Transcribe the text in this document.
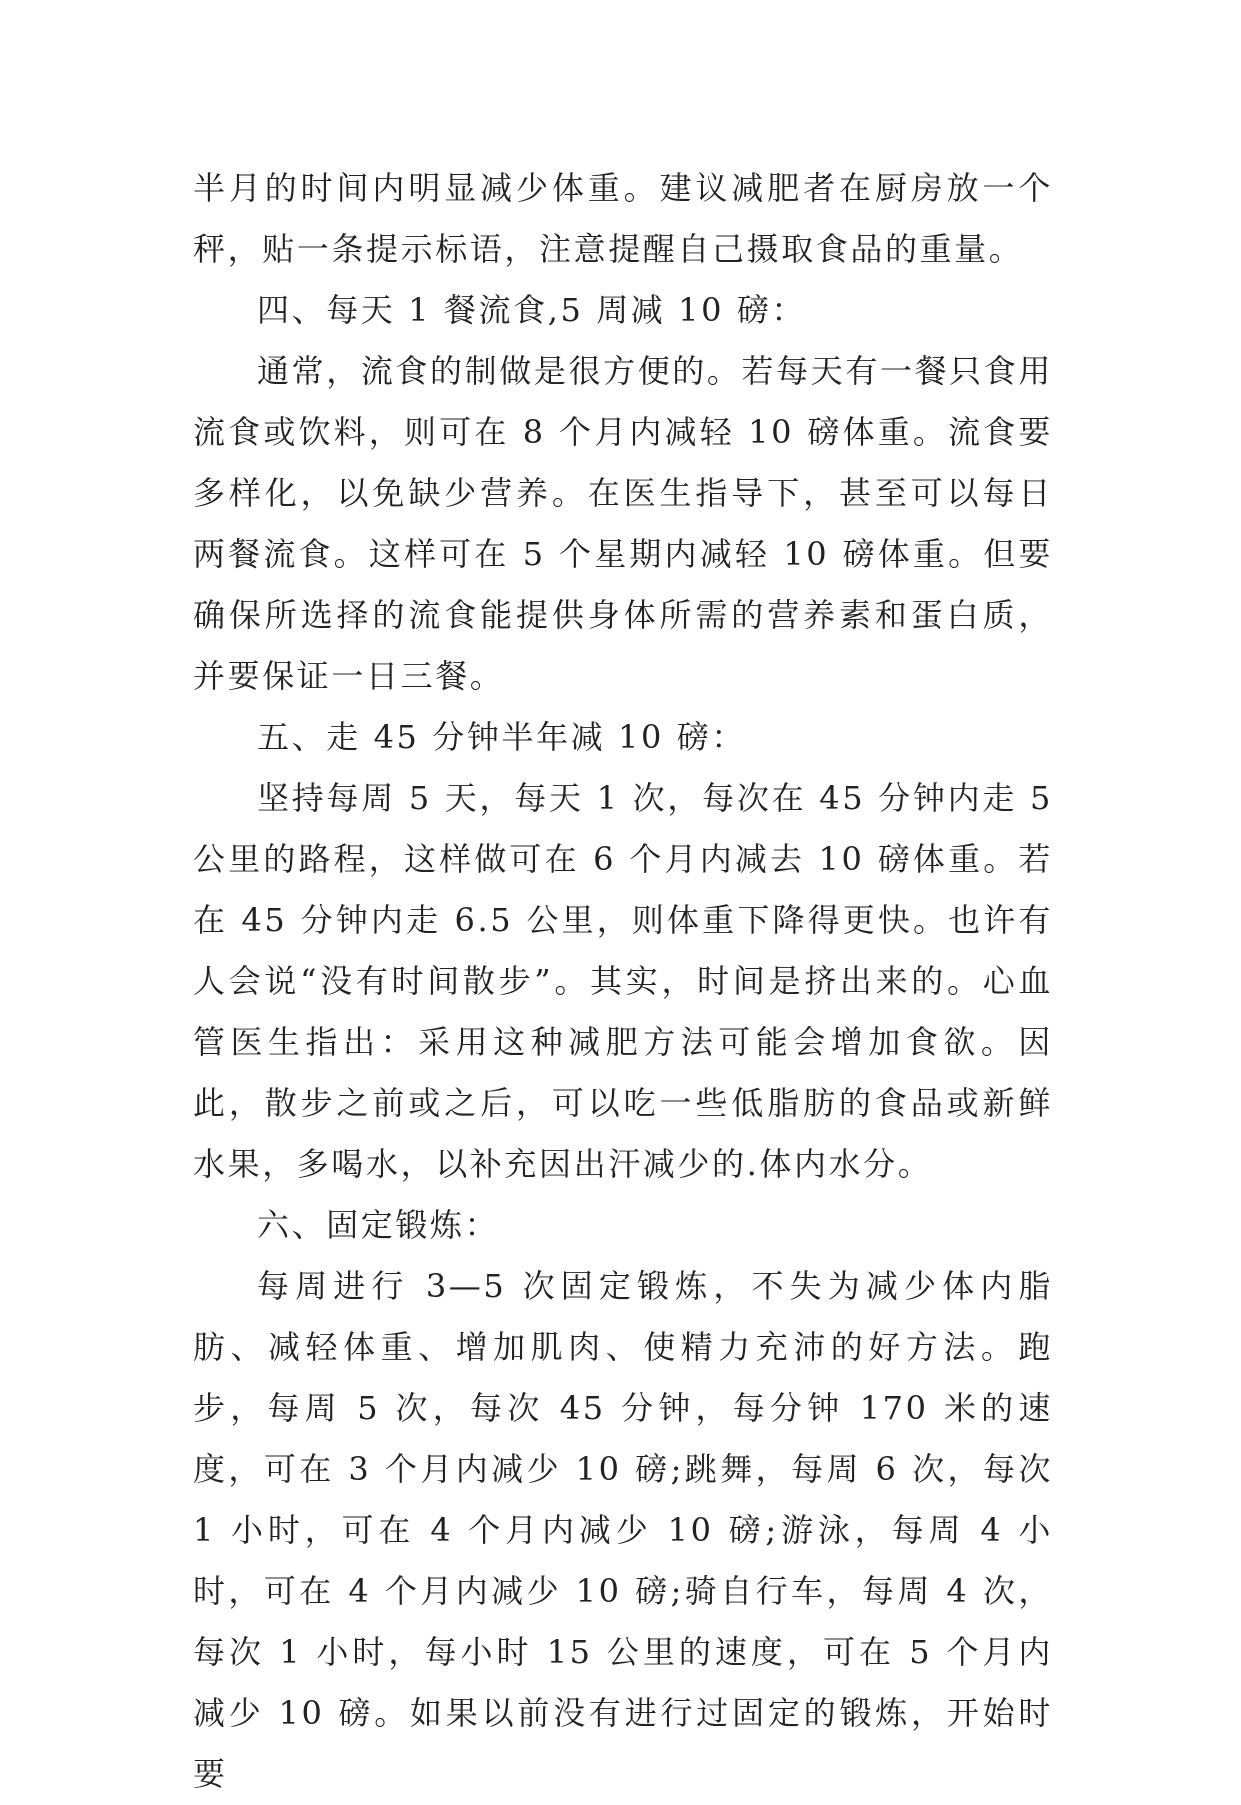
半月的时间内明显减少体重。建议减肥者在厨房放一个秤，贴一条提示标语，注意提醒自己摄取食品的重量。

四、每天 1 餐流食,5 周减 10 磅：

通常，流食的制做是很方便的。若每天有一餐只食用流食或饮料，则可在 8 个月内减轻 10 磅体重。流食要多样化，以免缺少营养。在医生指导下，甚至可以每日两餐流食。这样可在 5 个星期内减轻 10 磅体重。但要确保所选择的流食能提供身体所需的营养素和蛋白质，并要保证一日三餐。

五、走 45 分钟半年减 10 磅：

坚持每周 5 天，每天 1 次，每次在 45 分钟内走 5 公里的路程，这样做可在 6 个月内减去 10 磅体重。若在 45 分钟内走 6.5 公里，则体重下降得更快。也许有人会说“没有时间散步”。其实，时间是挤出来的。心血管医生指出：采用这种减肥方法可能会增加食欲。因此，散步之前或之后，可以吃一些低脂肪的食品或新鲜水果，多喝水，以补充因出汗减少的.体内水分。

六、固定锻炼：

每周进行 3—5 次固定锻炼，不失为减少体内脂肪、减轻体重、增加肌肉、使精力充沛的好方法。跑步，每周 5 次，每次 45 分钟，每分钟 170 米的速度，可在 3 个月内减少 10 磅;跳舞，每周 6 次，每次 1 小时，可在 4 个月内减少 10 磅;游泳，每周 4 小时，可在 4 个月内减少 10 磅;骑自行车，每周 4 次，每次 1 小时，每小时 15 公里的速度，可在 5 个月内减少 10 磅。如果以前没有进行过固定的锻炼，开始时要
